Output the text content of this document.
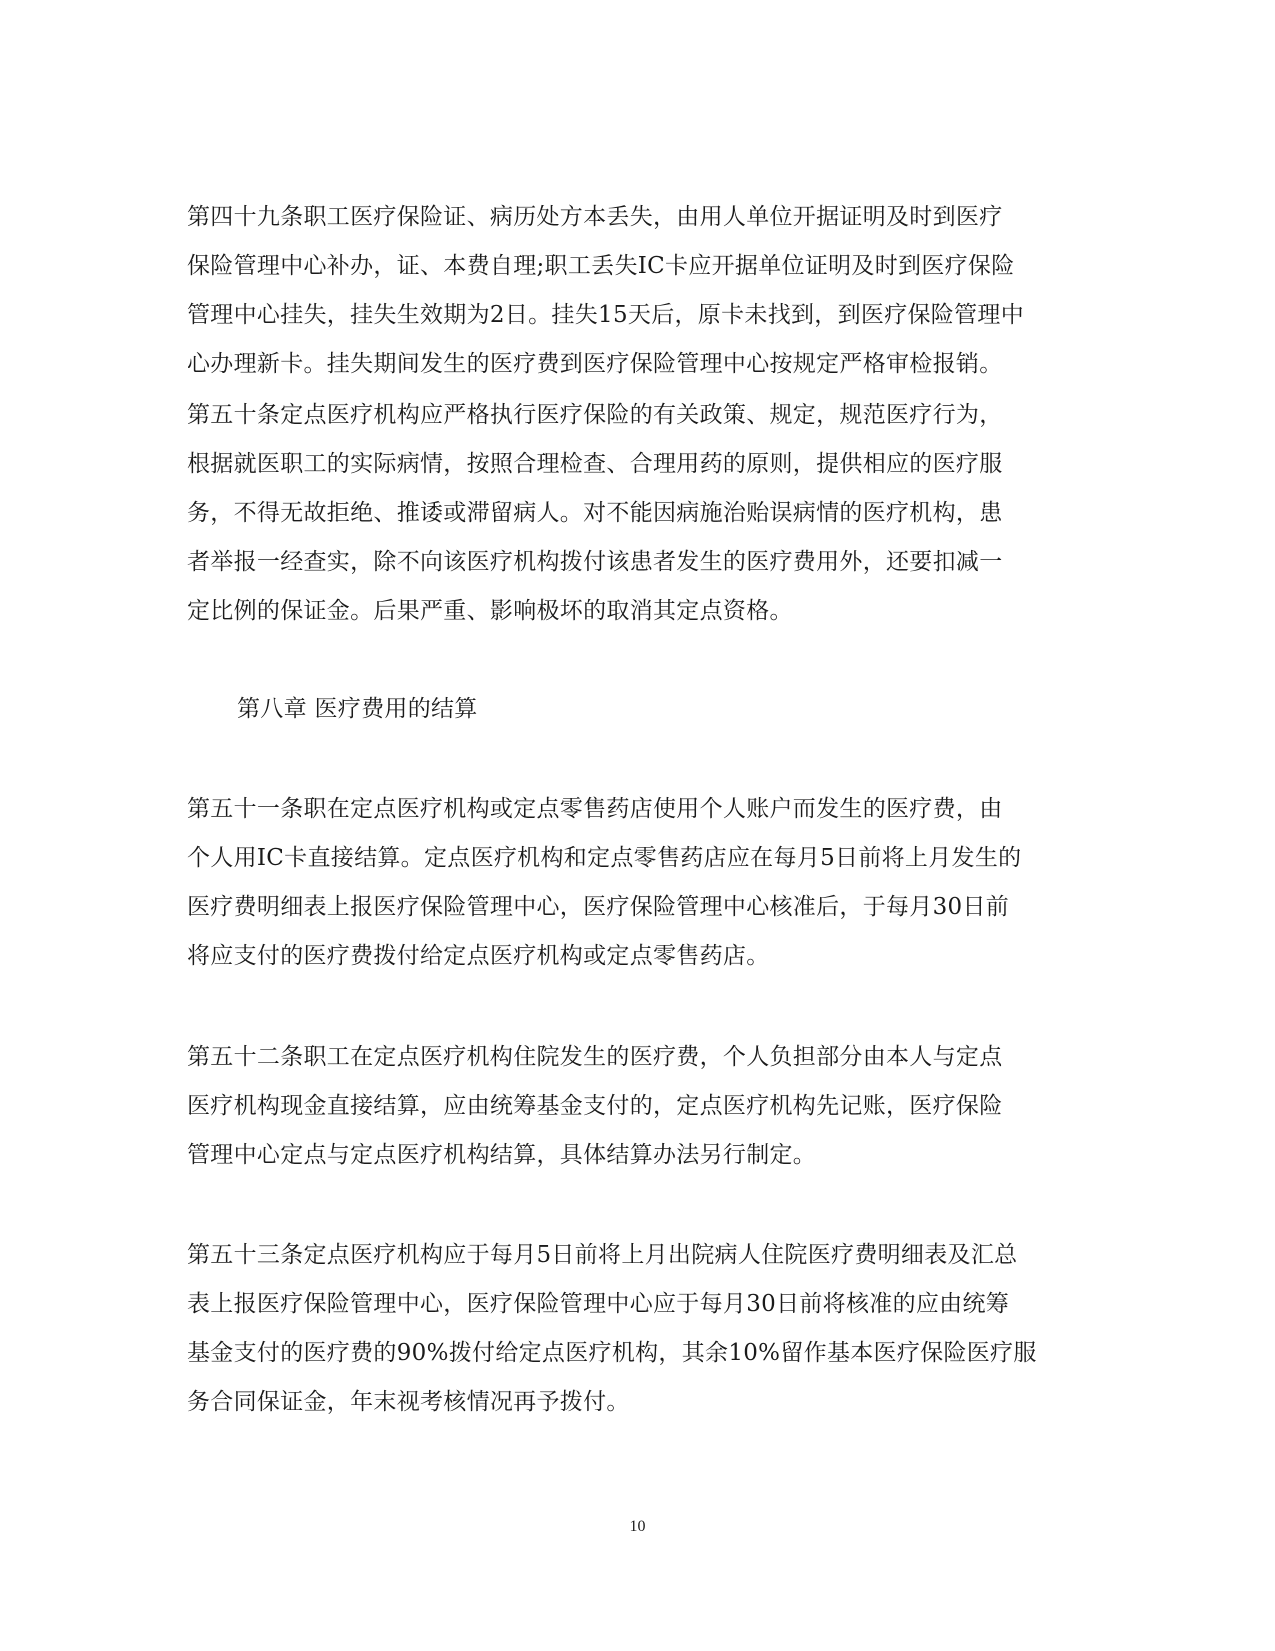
第四十九条职工医疗保险证、病历处方本丢失，由用人单位开据证明及时到医疗
保险管理中心补办，证、本费自理;职工丢失IC卡应开据单位证明及时到医疗保险
管理中心挂失，挂失生效期为2日。挂失15天后，原卡未找到，到医疗保险管理中
心办理新卡。挂失期间发生的医疗费到医疗保险管理中心按规定严格审检报销。
第五十条定点医疗机构应严格执行医疗保险的有关政策、规定，规范医疗行为，
根据就医职工的实际病情，按照合理检查、合理用药的原则，提供相应的医疗服
务，不得无故拒绝、推诿或滞留病人。对不能因病施治贻误病情的医疗机构，患
者举报一经查实，除不向该医疗机构拨付该患者发生的医疗费用外，还要扣减一
定比例的保证金。后果严重、影响极坏的取消其定点资格。
第八章 医疗费用的结算
第五十一条职在定点医疗机构或定点零售药店使用个人账户而发生的医疗费，由
个人用IC卡直接结算。定点医疗机构和定点零售药店应在每月5日前将上月发生的
医疗费明细表上报医疗保险管理中心，医疗保险管理中心核准后，于每月30日前
将应支付的医疗费拨付给定点医疗机构或定点零售药店。
第五十二条职工在定点医疗机构住院发生的医疗费，个人负担部分由本人与定点
医疗机构现金直接结算，应由统筹基金支付的，定点医疗机构先记账，医疗保险
管理中心定点与定点医疗机构结算，具体结算办法另行制定。
第五十三条定点医疗机构应于每月5日前将上月出院病人住院医疗费明细表及汇总
表上报医疗保险管理中心，医疗保险管理中心应于每月30日前将核准的应由统筹
基金支付的医疗费的90%拨付给定点医疗机构，其余10%留作基本医疗保险医疗服
务合同保证金，年末视考核情况再予拨付。
10
